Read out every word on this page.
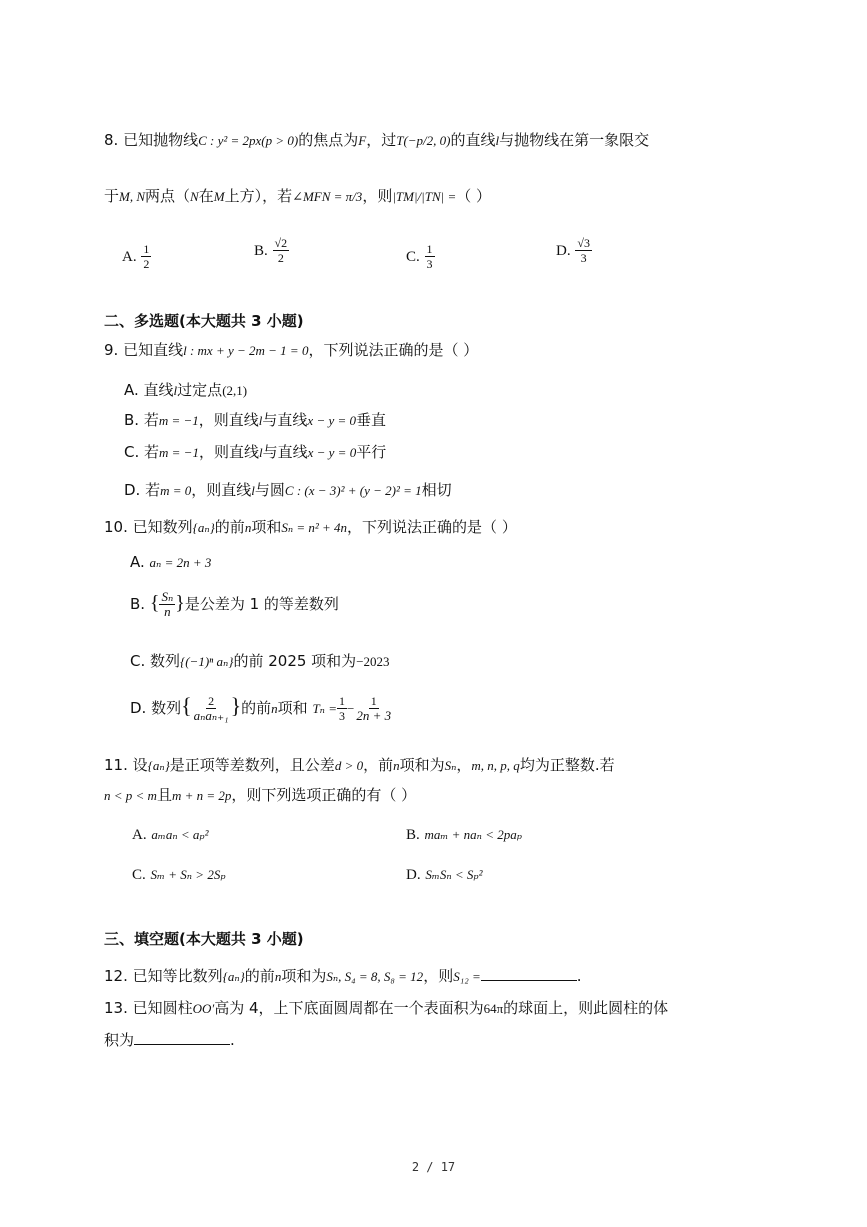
8. 已知抛物线C : y² = 2px(p > 0)的焦点为F，过T(−p/2, 0)的直线l与抛物线在第一象限交
于M, N两点（N在M上方），若∠MFN = π/3，则|TM|/|TN| =（ ）
A. $\frac{1}{2}$	B. $\frac{√2}{2}$	C. $\frac{1}{3}$	D. $\frac{√3}{3}$
二、多选题(本大题共 3 小题)
9. 已知直线l : mx + y − 2m − 1 = 0，下列说法正确的是（ ）
A. 直线l过定点(2,1)
B. 若m = −1，则直线l与直线x − y = 0垂直
C. 若m = −1，则直线l与直线x − y = 0平行
D. 若m = 0，则直线l与圆C : (x − 3)² + (y − 2)² = 1相切
10. 已知数列{aₙ}的前n项和Sₙ = n² + 4n，下列说法正确的是（ ）
A. aₙ = 2n + 3
B. { $\frac{\text{Sₙ}}{n}$ }是公差为 1 的等差数列
C. 数列{(−1)ⁿ aₙ}的前 2025 项和为−2023
D. 数列{ $\frac{2}{\text{aₙaₙ₊₁}}$ }的前n项和 $T_n = \frac{1}{3} - \frac{1}{2n + 3}$
11. 设{aₙ}是正项等差数列，且公差d > 0，前n项和为Sₙ，m, n, p, q均为正整数.若
n < p < m且m + n = 2p，则下列选项正确的有（ ）
A. aₘaₙ < aₚ²	B. maₘ + naₙ < 2paₚ
C. Sₘ + Sₙ > 2Sₚ	D. SₘSₙ < Sₚ²
三、填空题(本大题共 3 小题)
12. 已知等比数列{aₙ}的前n项和为Sₙ, S₄ = 8, S₈ = 12，则S₁₂ =	.
13. 已知圆柱OO′高为 4，上下底面圆周都在一个表面积为64π的球面上，则此圆柱的体
积为	.
2 / 17
